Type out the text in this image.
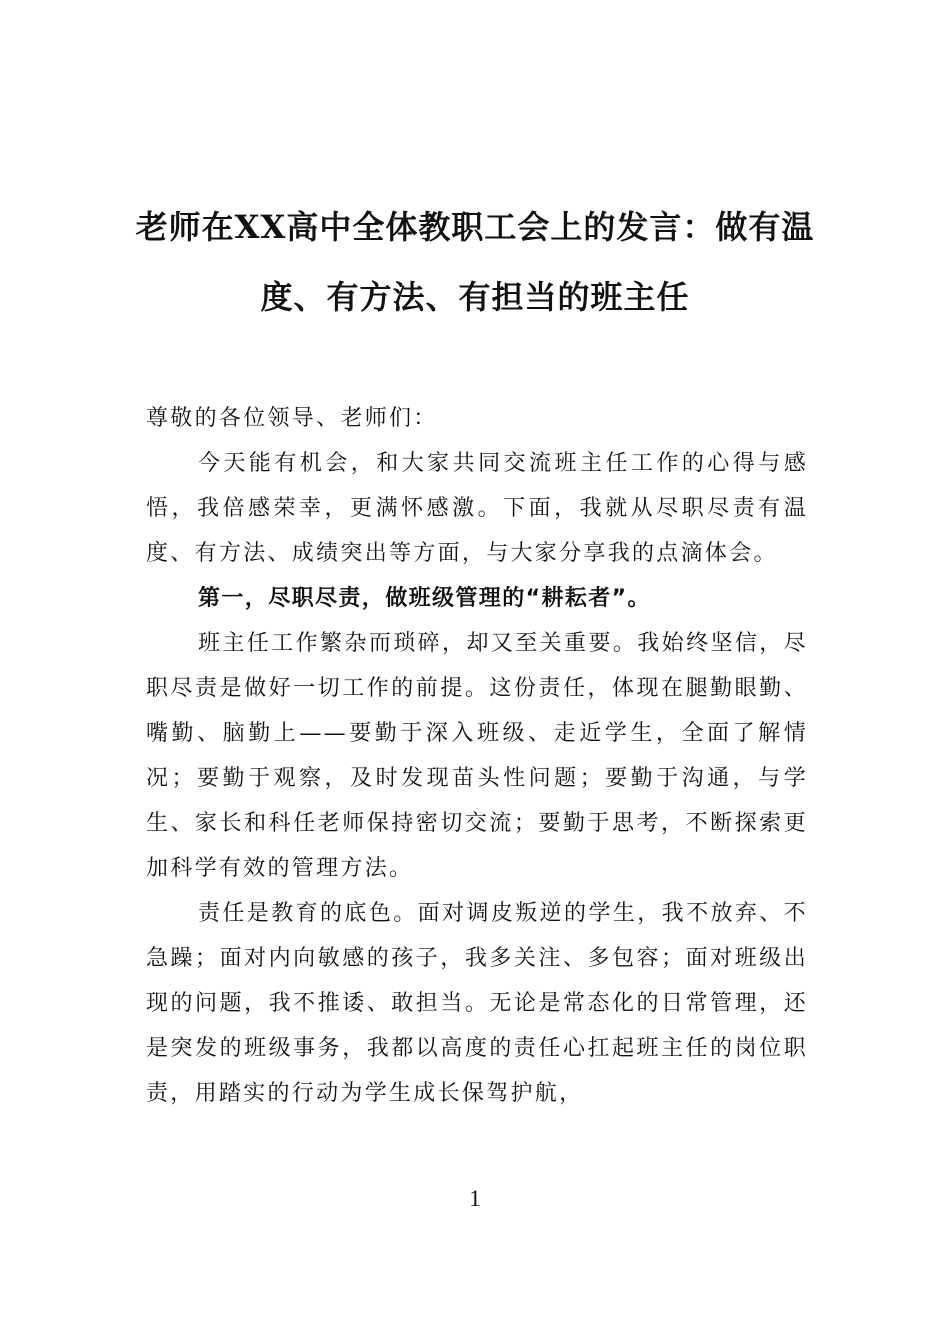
老师在XX高中全体教职工会上的发言：做有温度、有方法、有担当的班主任

尊敬的各位领导、老师们：

今天能有机会，和大家共同交流班主任工作的心得与感悟，我倍感荣幸，更满怀感激。下面，我就从尽职尽责有温度、有方法、成绩突出等方面，与大家分享我的点滴体会。

第一，尽职尽责，做班级管理的“耕耘者”。

班主任工作繁杂而琐碎，却又至关重要。我始终坚信，尽职尽责是做好一切工作的前提。这份责任，体现在腿勤眼勤、嘴勤、脑勤上——要勤于深入班级、走近学生，全面了解情况；要勤于观察，及时发现苗头性问题；要勤于沟通，与学生、家长和科任老师保持密切交流；要勤于思考，不断探索更加科学有效的管理方法。

责任是教育的底色。面对调皮叛逆的学生，我不放弃、不急躁；面对内向敏感的孩子，我多关注、多包容；面对班级出现的问题，我不推诿、敢担当。无论是常态化的日常管理，还是突发的班级事务，我都以高度的责任心扛起班主任的岗位职责，用踏实的行动为学生成长保驾护航，

1
